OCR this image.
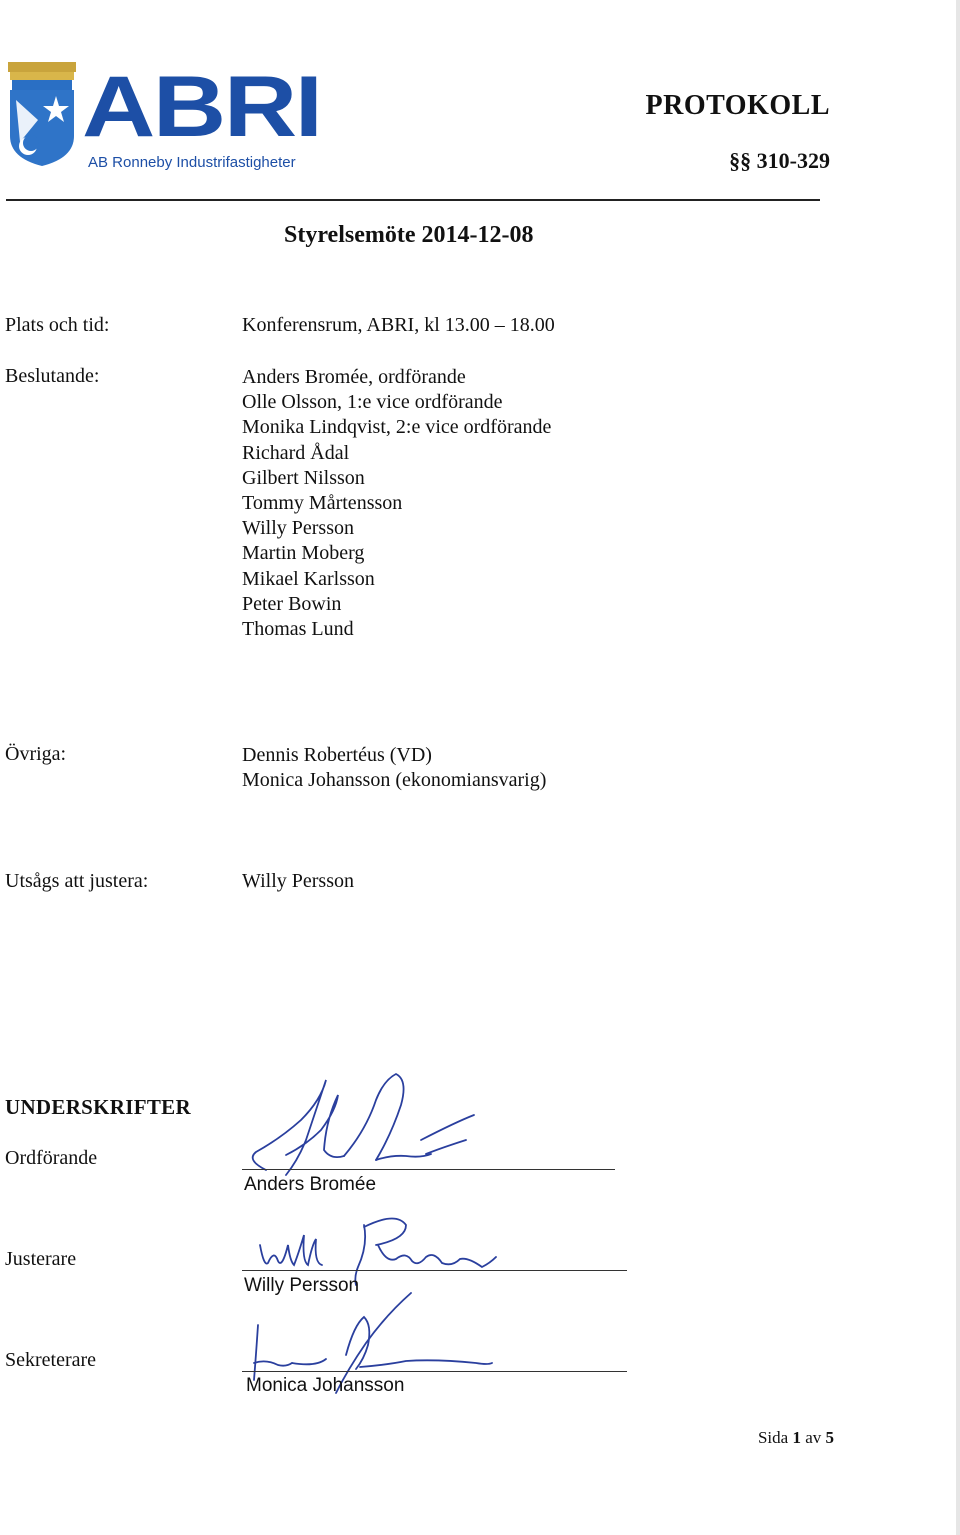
ABRI
AB Ronneby Industrifastigheter
PROTOKOLL
§§ 310-329
Styrelsemöte 2014-12-08
Plats och tid:	Konferensrum, ABRI, kl 13.00 – 18.00
Beslutande:	Anders Bromée, ordförande
Olle Olsson, 1:e vice ordförande
Monika Lindqvist, 2:e vice ordförande
Richard Ådal
Gilbert Nilsson
Tommy Mårtensson
Willy Persson
Martin Moberg
Mikael Karlsson
Peter Bowin
Thomas Lund
Övriga:	Dennis Robertéus (VD)
Monica Johansson (ekonomiansvarig)
Utsågs att justera:	Willy Persson
UNDERSKRIFTER
Ordförande
Anders Bromée
Justerare
Willy Persson
Sekreterare
Monica Johansson
Sida 1 av 5
